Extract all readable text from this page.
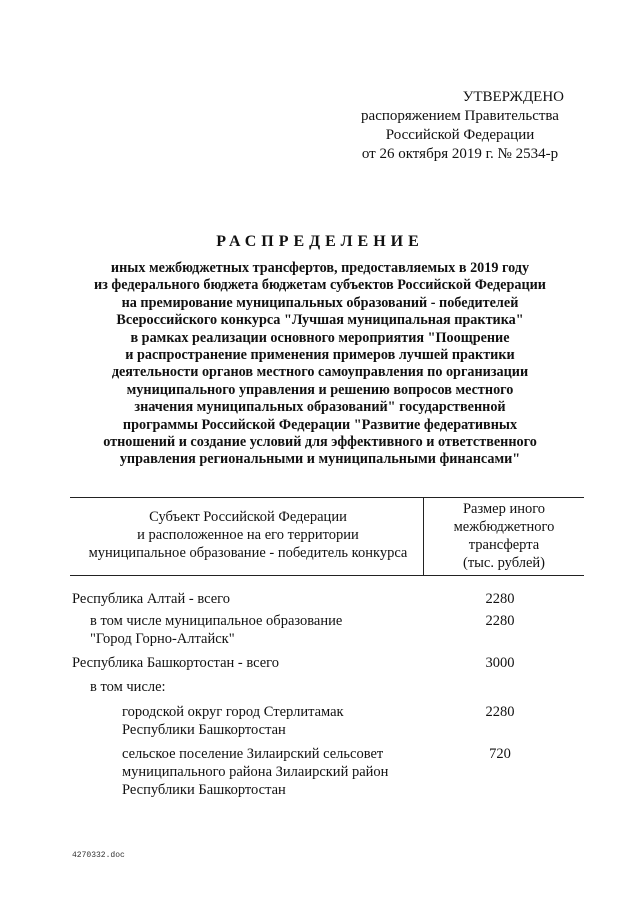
УТВЕРЖДЕНО
распоряжением Правительства
Российской Федерации
от 26 октября 2019 г. № 2534-р
РАСПРЕДЕЛЕНИЕ
иных межбюджетных трансфертов, предоставляемых в 2019 году
из федерального бюджета бюджетам субъектов Российской Федерации
на премирование муниципальных образований - победителей
Всероссийского конкурса "Лучшая муниципальная практика"
в рамках реализации основного мероприятия "Поощрение
и распространение применения примеров лучшей практики
деятельности органов местного самоуправления по организации
муниципального управления и решению вопросов местного
значения муниципальных образований" государственной
программы Российской Федерации "Развитие федеративных
отношений и создание условий для эффективного и ответственного
управления региональными и муниципальными финансами"
Субъект Российской Федерации
и расположенное на его территории
муниципальное образование - победитель конкурса
Размер иного
межбюджетного
трансферта
(тыс. рублей)
Республика Алтай - всего	2280
в том числе муниципальное образование
"Город Горно-Алтайск"
2280
Республика Башкортостан - всего	3000
в том числе:
городской округ город Стерлитамак
Республики Башкортостан
2280
сельское поселение Зилаирский сельсовет
муниципального района Зилаирский район
Республики Башкортостан
720
4270332.doc
